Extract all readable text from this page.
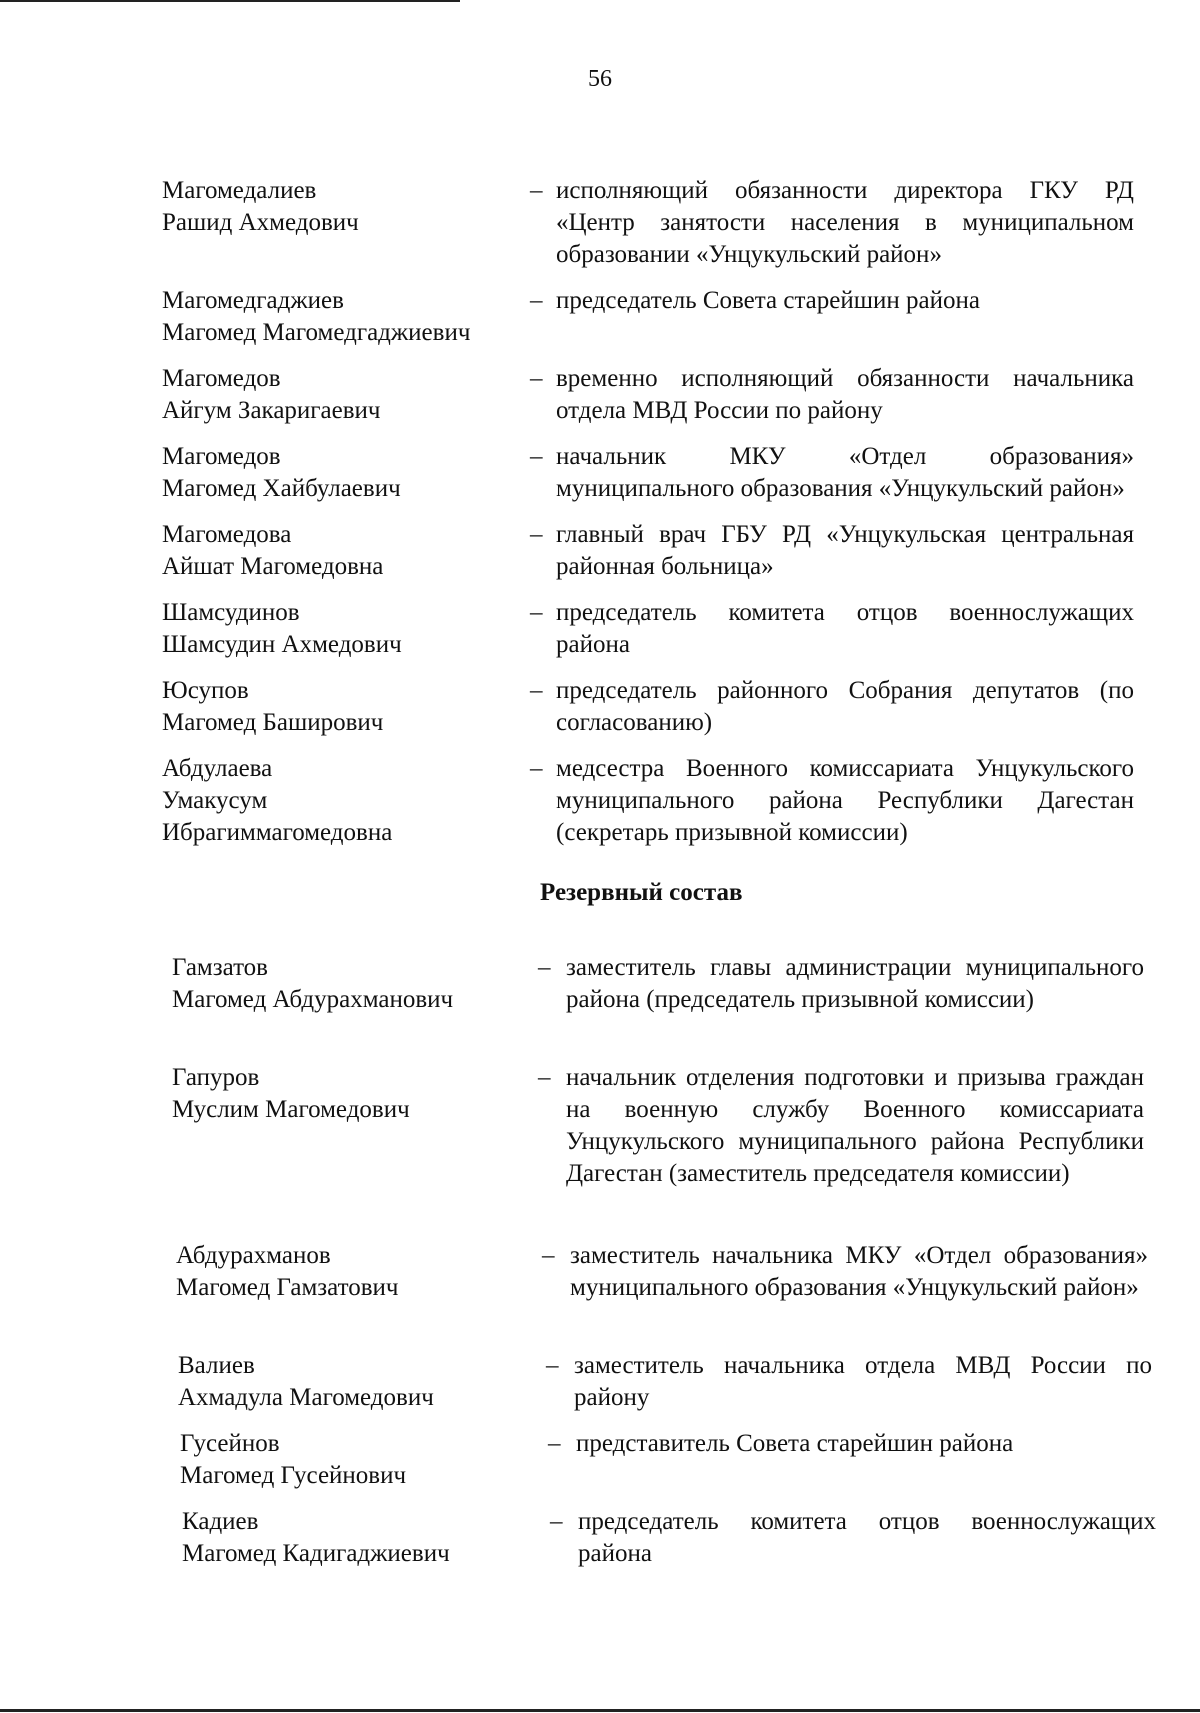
56
Магомедалиев
Рашид Ахмедович
– исполняющий обязанности директора ГКУ РД «Центр занятости населения в муниципальном образовании «Унцукульский район»
Магомедгаджиев
Магомед Магомедгаджиевич
– председатель Совета старейшин района
Магомедов
Айгум Закаригаевич
– временно исполняющий обязанности начальника отдела МВД России по району
Магомедов
Магомед Хайбулаевич
– начальник МКУ «Отдел образования» муниципального образования «Унцукульский район»
Магомедова
Айшат Магомедовна
– главный врач ГБУ РД «Унцукульская центральная районная больница»
Шамсудинов
Шамсудин Ахмедович
– председатель комитета отцов военнослужащих района
Юсупов
Магомед Баширович
– председатель районного Собрания депутатов (по согласованию)
Абдулаева
Умакусум
Ибрагиммагомедовна
– медсестра Военного комиссариата Унцукульского муниципального района Республики Дагестан (секретарь призывной комиссии)
Резервный состав
Гамзатов
Магомед Абдурахманович
– заместитель главы администрации муниципального района (председатель призывной комиссии)
Гапуров
Муслим Магомедович
– начальник отделения подготовки и призыва граждан на военную службу Военного комиссариата Унцукульского муниципального района Республики Дагестан (заместитель председателя комиссии)
Абдурахманов
Магомед Гамзатович
– заместитель начальника МКУ «Отдел образования» муниципального образования «Унцукульский район»
Валиев
Ахмадула Магомедович
– заместитель начальника отдела МВД России по району
Гусейнов
Магомед Гусейнович
– представитель Совета старейшин района
Кадиев
Магомед Кадигаджиевич
– председатель комитета отцов военнослужащих района
